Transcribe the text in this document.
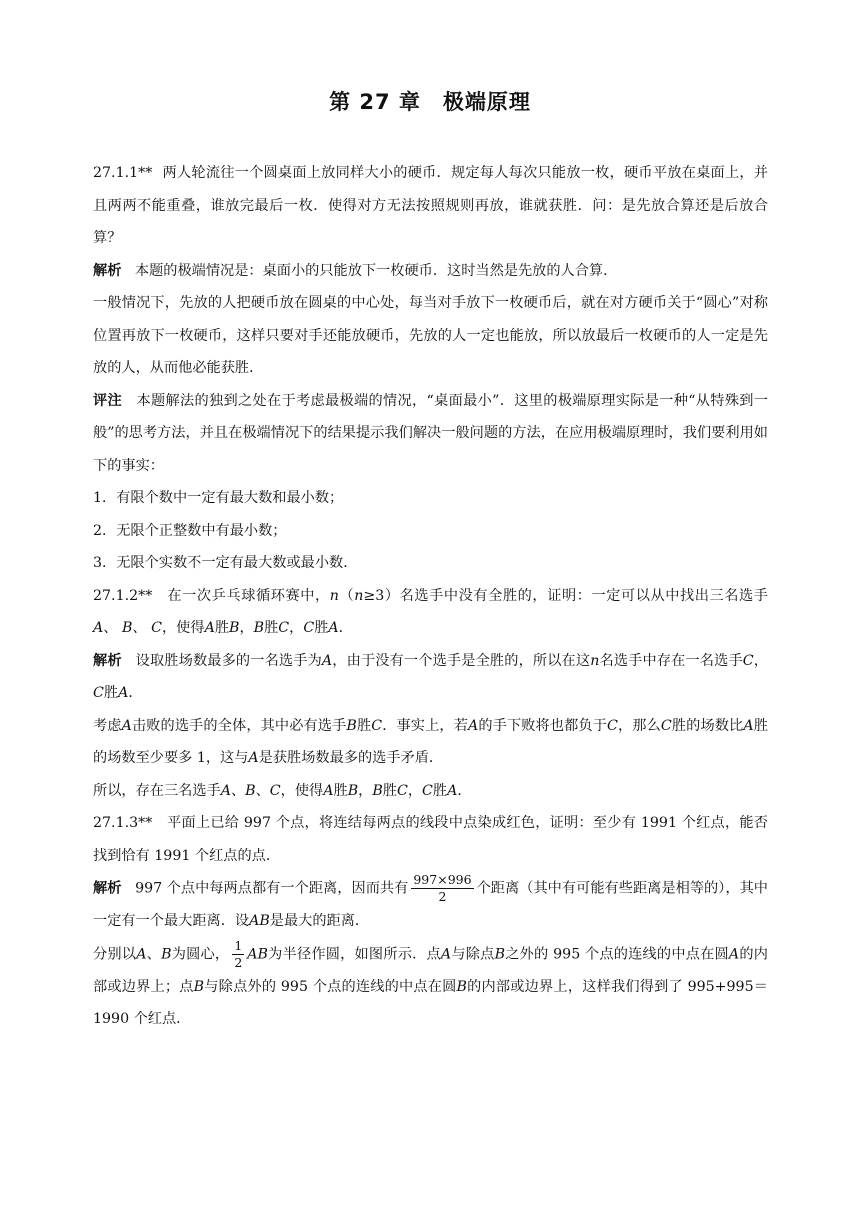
第 27 章　极端原理

27.1.1** 两人轮流往一个圆桌面上放同样大小的硬币．规定每人每次只能放一枚，硬币平放在桌面上，并且两两不能重叠，谁放完最后一枚．使得对方无法按照规则再放，谁就获胜．问：是先放合算还是后放合算？

解析 本题的极端情况是：桌面小的只能放下一枚硬币．这时当然是先放的人合算．

一般情况下，先放的人把硬币放在圆桌的中心处，每当对手放下一枚硬币后，就在对方硬币关于“圆心”对称位置再放下一枚硬币，这样只要对手还能放硬币，先放的人一定也能放，所以放最后一枚硬币的人一定是先放的人，从而他必能获胜．

评注 本题解法的独到之处在于考虑最极端的情况，“桌面最小”．这里的极端原理实际是一种“从特殊到一般”的思考方法，并且在极端情况下的结果提示我们解决一般问题的方法，在应用极端原理时，我们要利用如下的事实：

1．有限个数中一定有最大数和最小数；

2．无限个正整数中有最小数；

3．无限个实数不一定有最大数或最小数．

27.1.2** 在一次乒乓球循环赛中，n（n≥3）名选手中没有全胜的，证明：一定可以从中找出三名选手 A、 B、 C，使得A胜B，B胜C，C胜A．

解析 设取胜场数最多的一名选手为A，由于没有一个选手是全胜的，所以在这n名选手中存在一名选手C，C胜A．

考虑A击败的选手的全体，其中必有选手B胜C．事实上，若A的手下败将也都负于C，那么C胜的场数比A胜的场数至少要多 1，这与A是获胜场数最多的选手矛盾．

所以，存在三名选手A、B、C，使得A胜B，B胜C，C胜A．

27.1.3** 平面上已给 997 个点，将连结每两点的线段中点染成红色，证明：至少有 1991 个红点，能否找到恰有 1991 个红点的点．

解析 997 个点中每两点都有一个距离，因而共有 $\frac{997\times 996}{2}$ 个距离（其中有可能有些距离是相等的），其中一定有一个最大距离．设AB是最大的距离．

分别以A、B为圆心， $\frac{1}{2}$ AB为半径作圆，如图所示．点A与除点B之外的 995 个点的连线的中点在圆A的内部或边界上；点B与除点外的 995 个点的连线的中点在圆B的内部或边界上，这样我们得到了 995+995＝1990 个红点．
